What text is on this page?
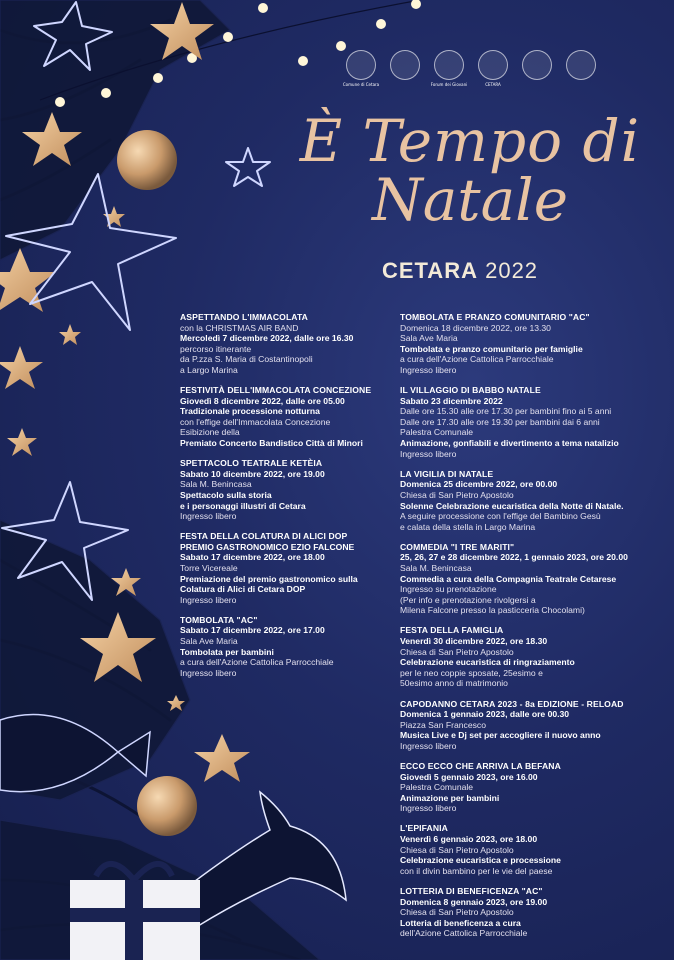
Comune di Cetara	Forum dei Giovani	CETARA
È Tempo di
Natale
CETARA 2022
ASPETTANDO L'IMMACOLATA
con la CHRISTMAS AIR BAND
Mercoledì 7 dicembre 2022, dalle ore 16.30
percorso itinerante
da P.zza S. Maria di Costantinopoli
a Largo Marina
FESTIVITÀ DELL'IMMACOLATA CONCEZIONE
Giovedì 8 dicembre 2022, dalle ore 05.00
Tradizionale processione notturna
con l'effige dell'Immacolata Concezione
Esibizione della
Premiato Concerto Bandistico Città di Minori
SPETTACOLO TEATRALE KETÈIA
Sabato 10 dicembre 2022, ore 19.00
Sala M. Benincasa
Spettacolo sulla storia
e i personaggi illustri di Cetara
Ingresso libero
FESTA DELLA COLATURA DI ALICI DOP
PREMIO GASTRONOMICO EZIO FALCONE
Sabato 17 dicembre 2022, ore 18.00
Torre Vicereale
Premiazione del premio gastronomico sulla
Colatura di Alici di Cetara DOP
Ingresso libero
TOMBOLATA "AC"
Sabato 17 dicembre 2022, ore 17.00
Sala Ave Maria
Tombolata per bambini
a cura dell'Azione Cattolica Parrocchiale
Ingresso libero
TOMBOLATA E PRANZO COMUNITARIO "AC"
Domenica 18 dicembre 2022, ore 13.30
Sala Ave Maria
Tombolata e pranzo comunitario per famiglie
a cura dell'Azione Cattolica Parrocchiale
Ingresso libero
IL VILLAGGIO DI BABBO NATALE
Sabato 23 dicembre 2022
Dalle ore 15.30 alle ore 17.30 per bambini fino ai 5 anni
Dalle ore 17.30 alle ore 19.30 per bambini dai 6 anni
Palestra Comunale
Animazione, gonfiabili e divertimento a tema natalizio
Ingresso libero
LA VIGILIA DI NATALE
Domenica 25 dicembre 2022, ore 00.00
Chiesa di San Pietro Apostolo
Solenne Celebrazione eucaristica della Notte di Natale.
A seguire processione con l'effige del Bambino Gesù
e calata della stella in Largo Marina
COMMEDIA "I TRE MARITI"
25, 26, 27 e 28 dicembre 2022, 1 gennaio 2023, ore 20.00
Sala M. Benincasa
Commedia a cura della Compagnia Teatrale Cetarese
Ingresso su prenotazione
(Per info e prenotazione rivolgersi a
Milena Falcone presso la pasticceria Chocolami)
FESTA DELLA FAMIGLIA
Venerdì 30 dicembre 2022, ore 18.30
Chiesa di San Pietro Apostolo
Celebrazione eucaristica di ringraziamento
per le neo coppie sposate, 25esimo e
50esimo anno di matrimonio
CAPODANNO CETARA 2023 - 8a EDIZIONE - RELOAD
Domenica 1 gennaio 2023, dalle ore 00.30
Piazza San Francesco
Musica Live e Dj set per accogliere il nuovo anno
Ingresso libero
ECCO ECCO CHE ARRIVA LA BEFANA
Giovedì 5 gennaio 2023, ore 16.00
Palestra Comunale
Animazione per bambini
Ingresso libero
L'EPIFANIA
Venerdì 6 gennaio 2023, ore 18.00
Chiesa di San Pietro Apostolo
Celebrazione eucaristica e processione
con il divin bambino per le vie del paese
LOTTERIA DI BENEFICENZA "AC"
Domenica 8 gennaio 2023, ore 19.00
Chiesa di San Pietro Apostolo
Lotteria di beneficenza a cura
dell'Azione Cattolica Parrocchiale
